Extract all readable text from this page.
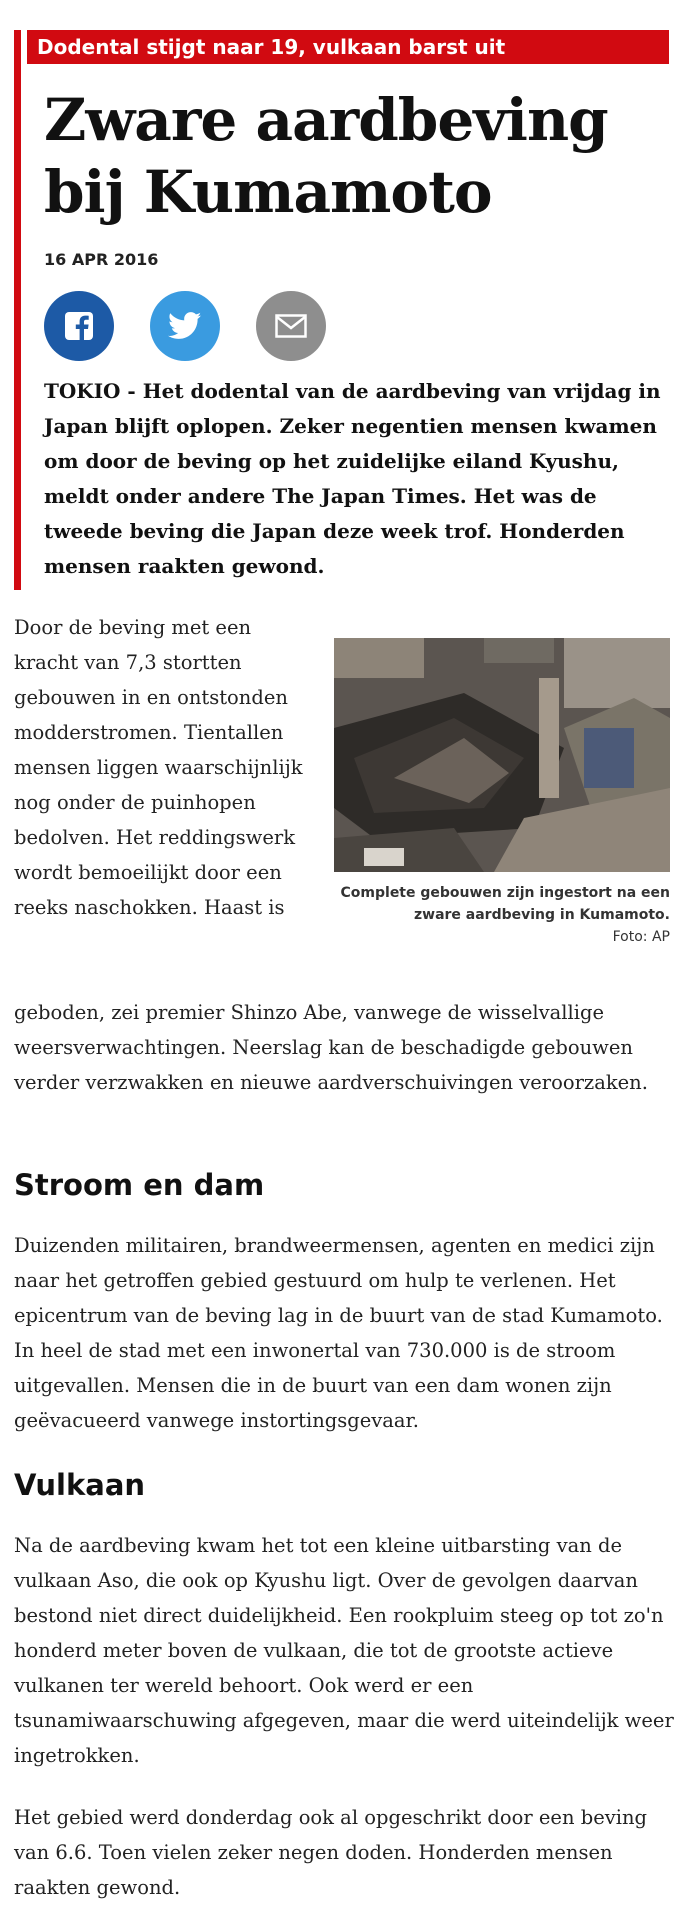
Dodental stijgt naar 19, vulkaan barst uit
Zware aardbeving bij Kumamoto
16 APR 2016

TOKIO - Het dodental van de aardbeving van vrijdag in Japan blijft oplopen. Zeker negentien mensen kwamen om door de beving op het zuidelijke eiland Kyushu, meldt onder andere The Japan Times. Het was de tweede beving die Japan deze week trof. Honderden mensen raakten gewond.

Door de beving met een kracht van 7,3 stortten gebouwen in en ontstonden modderstromen. Tientallen mensen liggen waarschijnlijk nog onder de puinhopen bedolven. Het reddingswerk wordt bemoeilijkt door een reeks naschokken. Haast is

Complete gebouwen zijn ingestort na een zware aardbeving in Kumamoto.
Foto: AP

geboden, zei premier Shinzo Abe, vanwege de wisselvallige weersverwachtingen. Neerslag kan de beschadigde gebouwen verder verzwakken en nieuwe aardverschuivingen veroorzaken.

Stroom en dam

Duizenden militairen, brandweermensen, agenten en medici zijn naar het getroffen gebied gestuurd om hulp te verlenen. Het epicentrum van de beving lag in de buurt van de stad Kumamoto. In heel de stad met een inwonertal van 730.000 is de stroom uitgevallen. Mensen die in de buurt van een dam wonen zijn geëvacueerd vanwege instortingsgevaar.

Vulkaan

Na de aardbeving kwam het tot een kleine uitbarsting van de vulkaan Aso, die ook op Kyushu ligt. Over de gevolgen daarvan bestond niet direct duidelijkheid. Een rookpluim steeg op tot zo'n honderd meter boven de vulkaan, die tot de grootste actieve vulkanen ter wereld behoort. Ook werd er een tsunamiwaarschuwing afgegeven, maar die werd uiteindelijk weer ingetrokken.

Het gebied werd donderdag ook al opgeschrikt door een beving van 6.6. Toen vielen zeker negen doden. Honderden mensen raakten gewond.
